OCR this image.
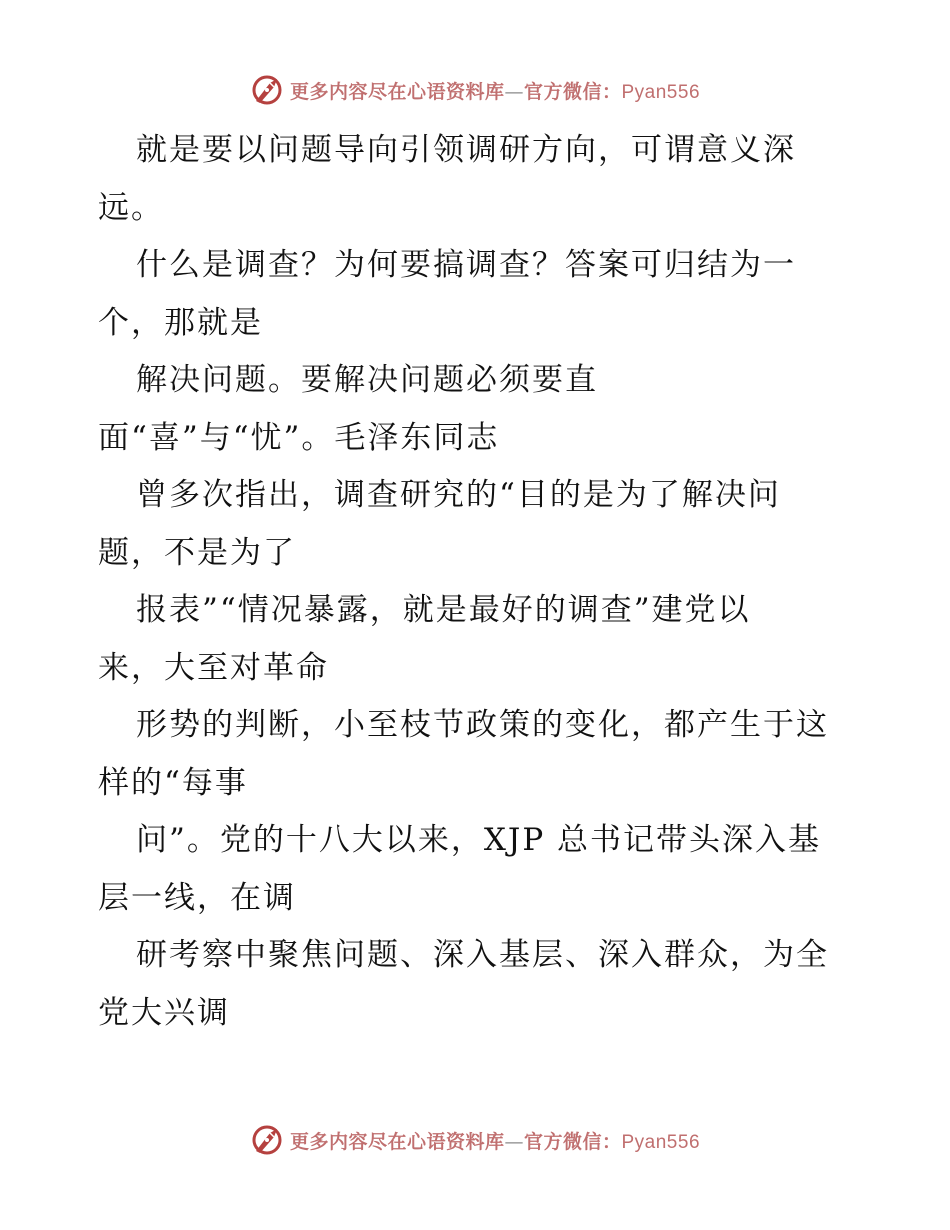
更多内容尽在心语资料库—官方微信：Pyan556
就是要以问题导向引领调研方向，可谓意义深
远。
什么是调查？为何要搞调查？答案可归结为一
个，那就是
解决问题。要解决问题必须要直
面“喜”与“忧”。毛泽东同志
曾多次指出，调查研究的“目的是为了解决问
题，不是为了
报表”“情况暴露，就是最好的调查”建党以
来，大至对革命
形势的判断，小至枝节政策的变化，都产生于这
样的“每事
问”。党的十八大以来，XJP 总书记带头深入基
层一线，在调
研考察中聚焦问题、深入基层、深入群众，为全
党大兴调
更多内容尽在心语资料库—官方微信：Pyan556
